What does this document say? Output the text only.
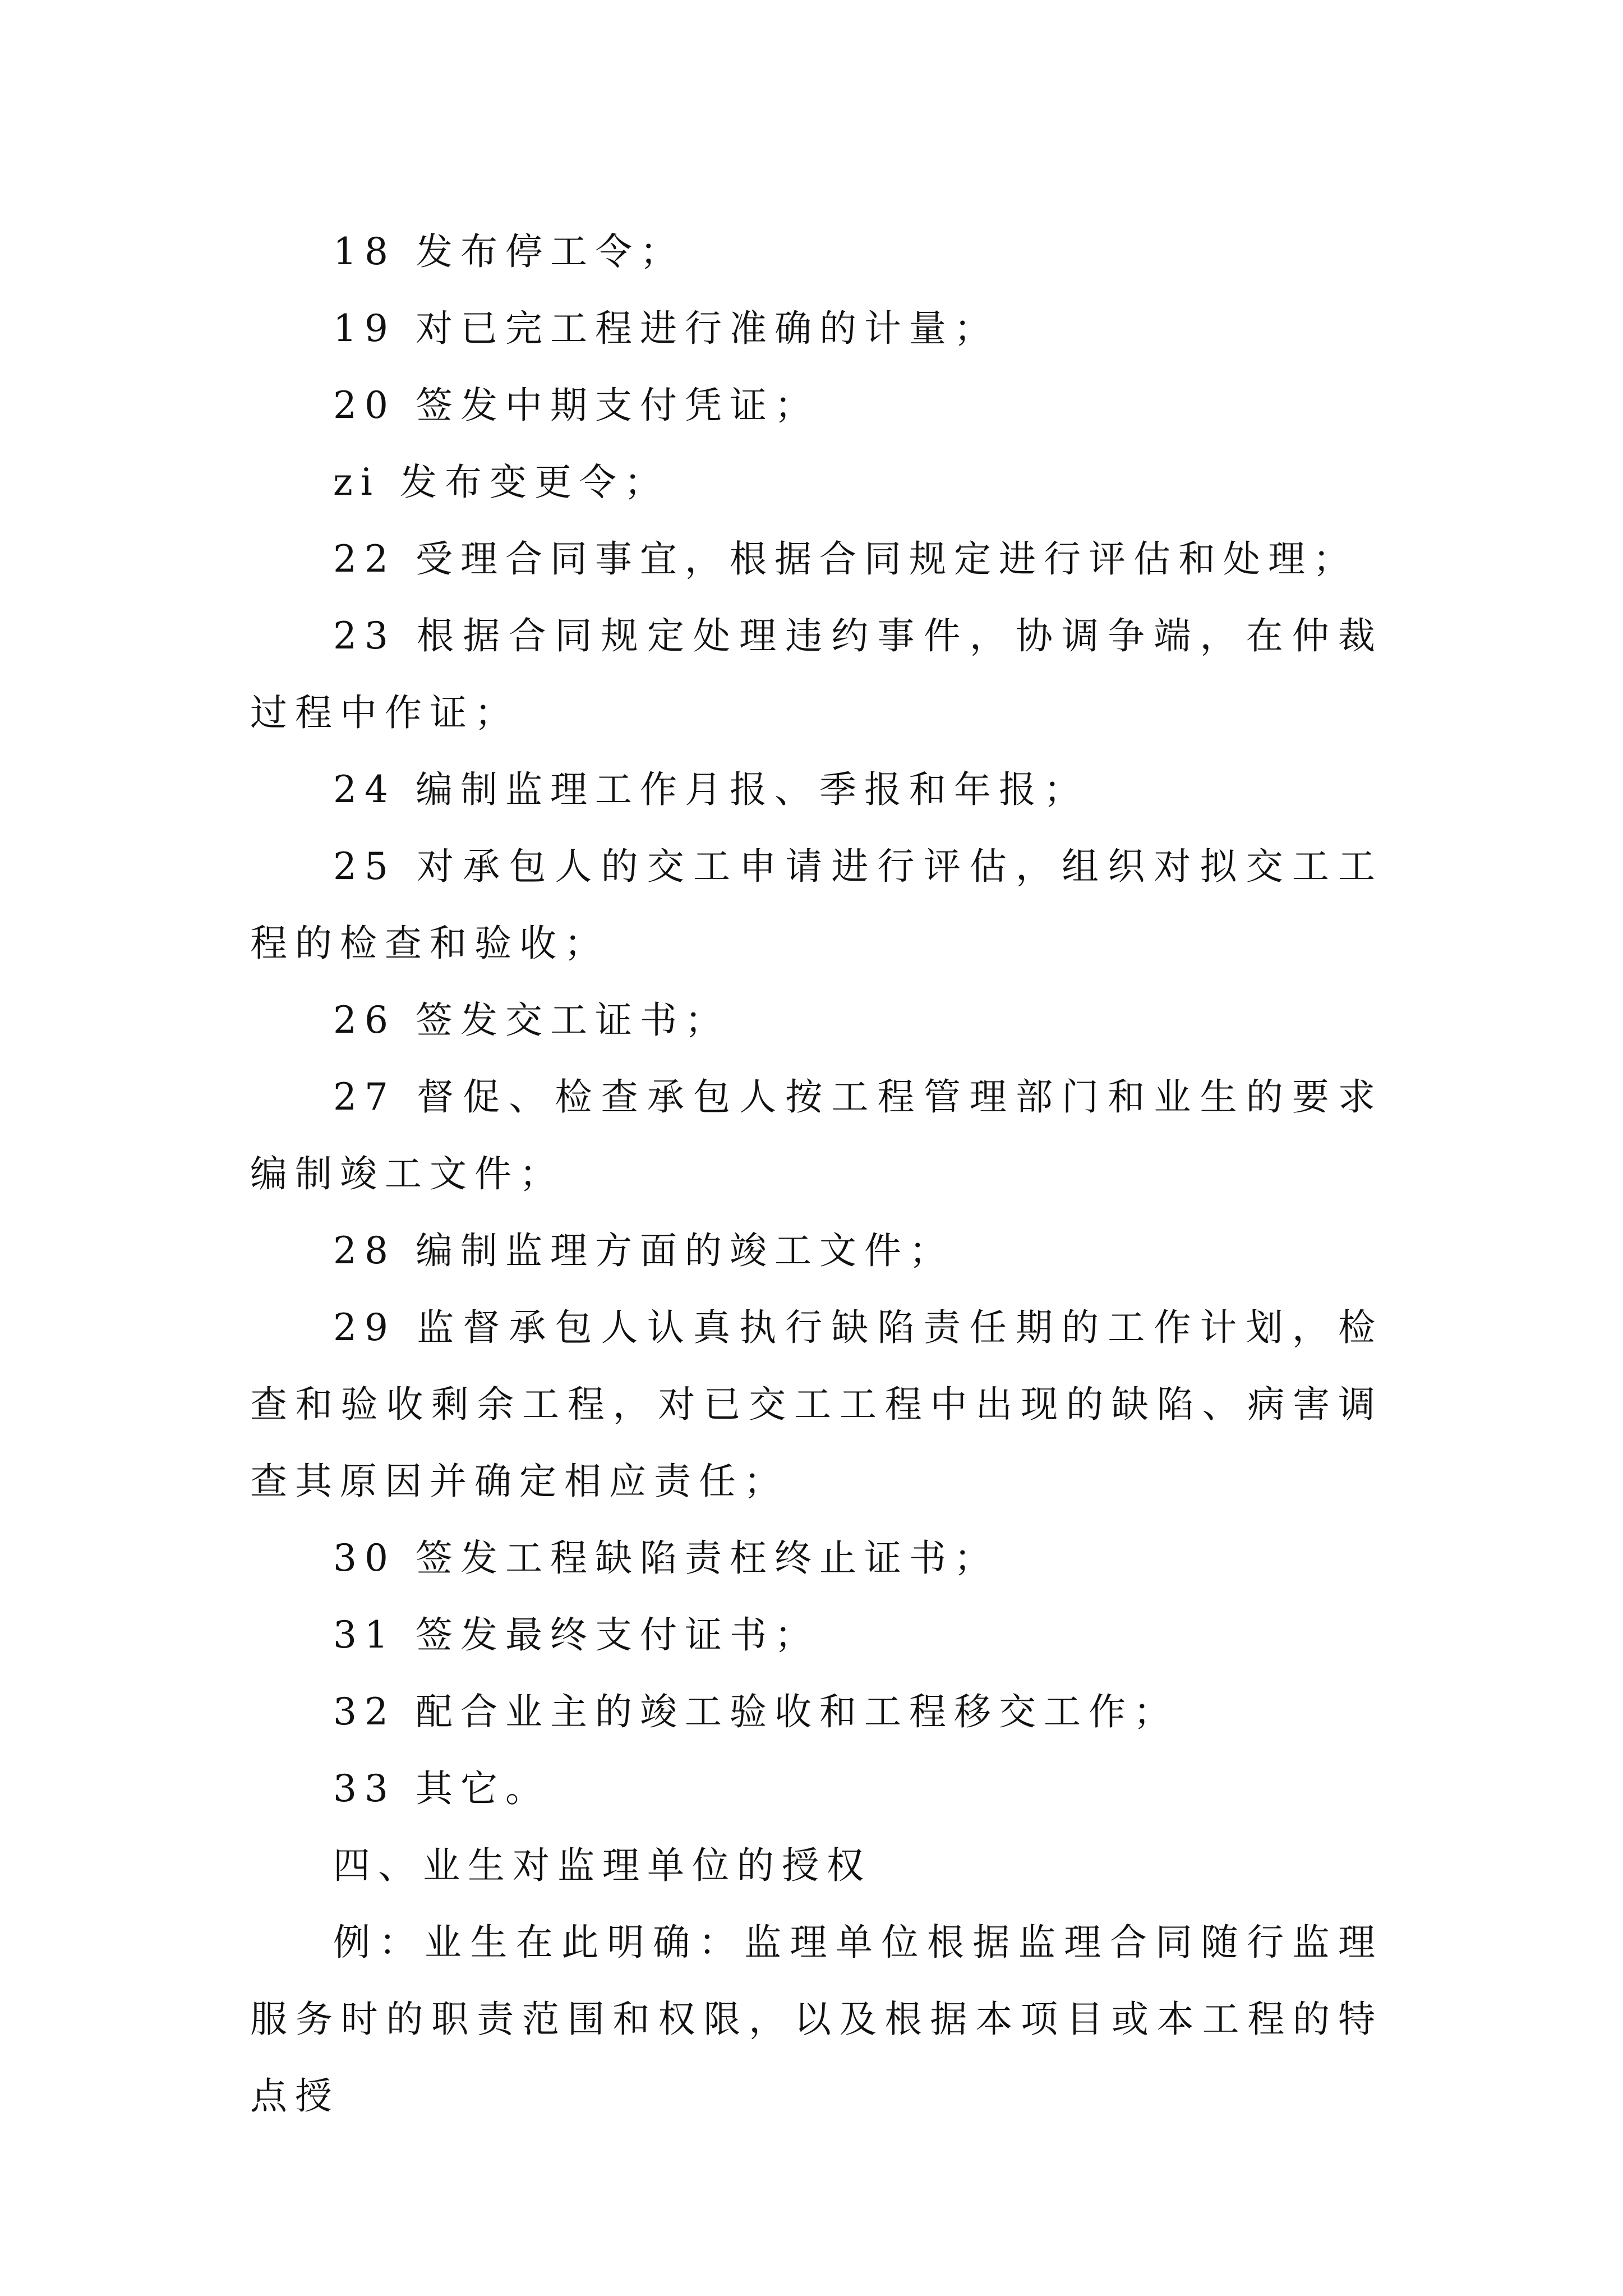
18 发布停工令；

19 对已完工程进行准确的计量；

20 签发中期支付凭证；

zi 发布变更令；

22 受理合同事宜，根据合同规定进行评估和处理；

23 根据合同规定处理违约事件，协调争端，在仲裁过程中作证；

24 编制监理工作月报、季报和年报；

25 对承包人的交工申请进行评估，组织对拟交工工程的检查和验收；

26 签发交工证书；

27 督促、检查承包人按工程管理部门和业生的要求编制竣工文件；

28 编制监理方面的竣工文件；

29 监督承包人认真执行缺陷责任期的工作计划，检查和验收剩余工程，对已交工工程中出现的缺陷、病害调查其原因并确定相应责任；

30 签发工程缺陷责枉终止证书；

31 签发最终支付证书；

32 配合业主的竣工验收和工程移交工作；

33 其它。

四、业生对监理单位的授权

例：业生在此明确：监理单位根据监理合同随行监理服务时的职责范围和权限，以及根据本项目或本工程的特点授
